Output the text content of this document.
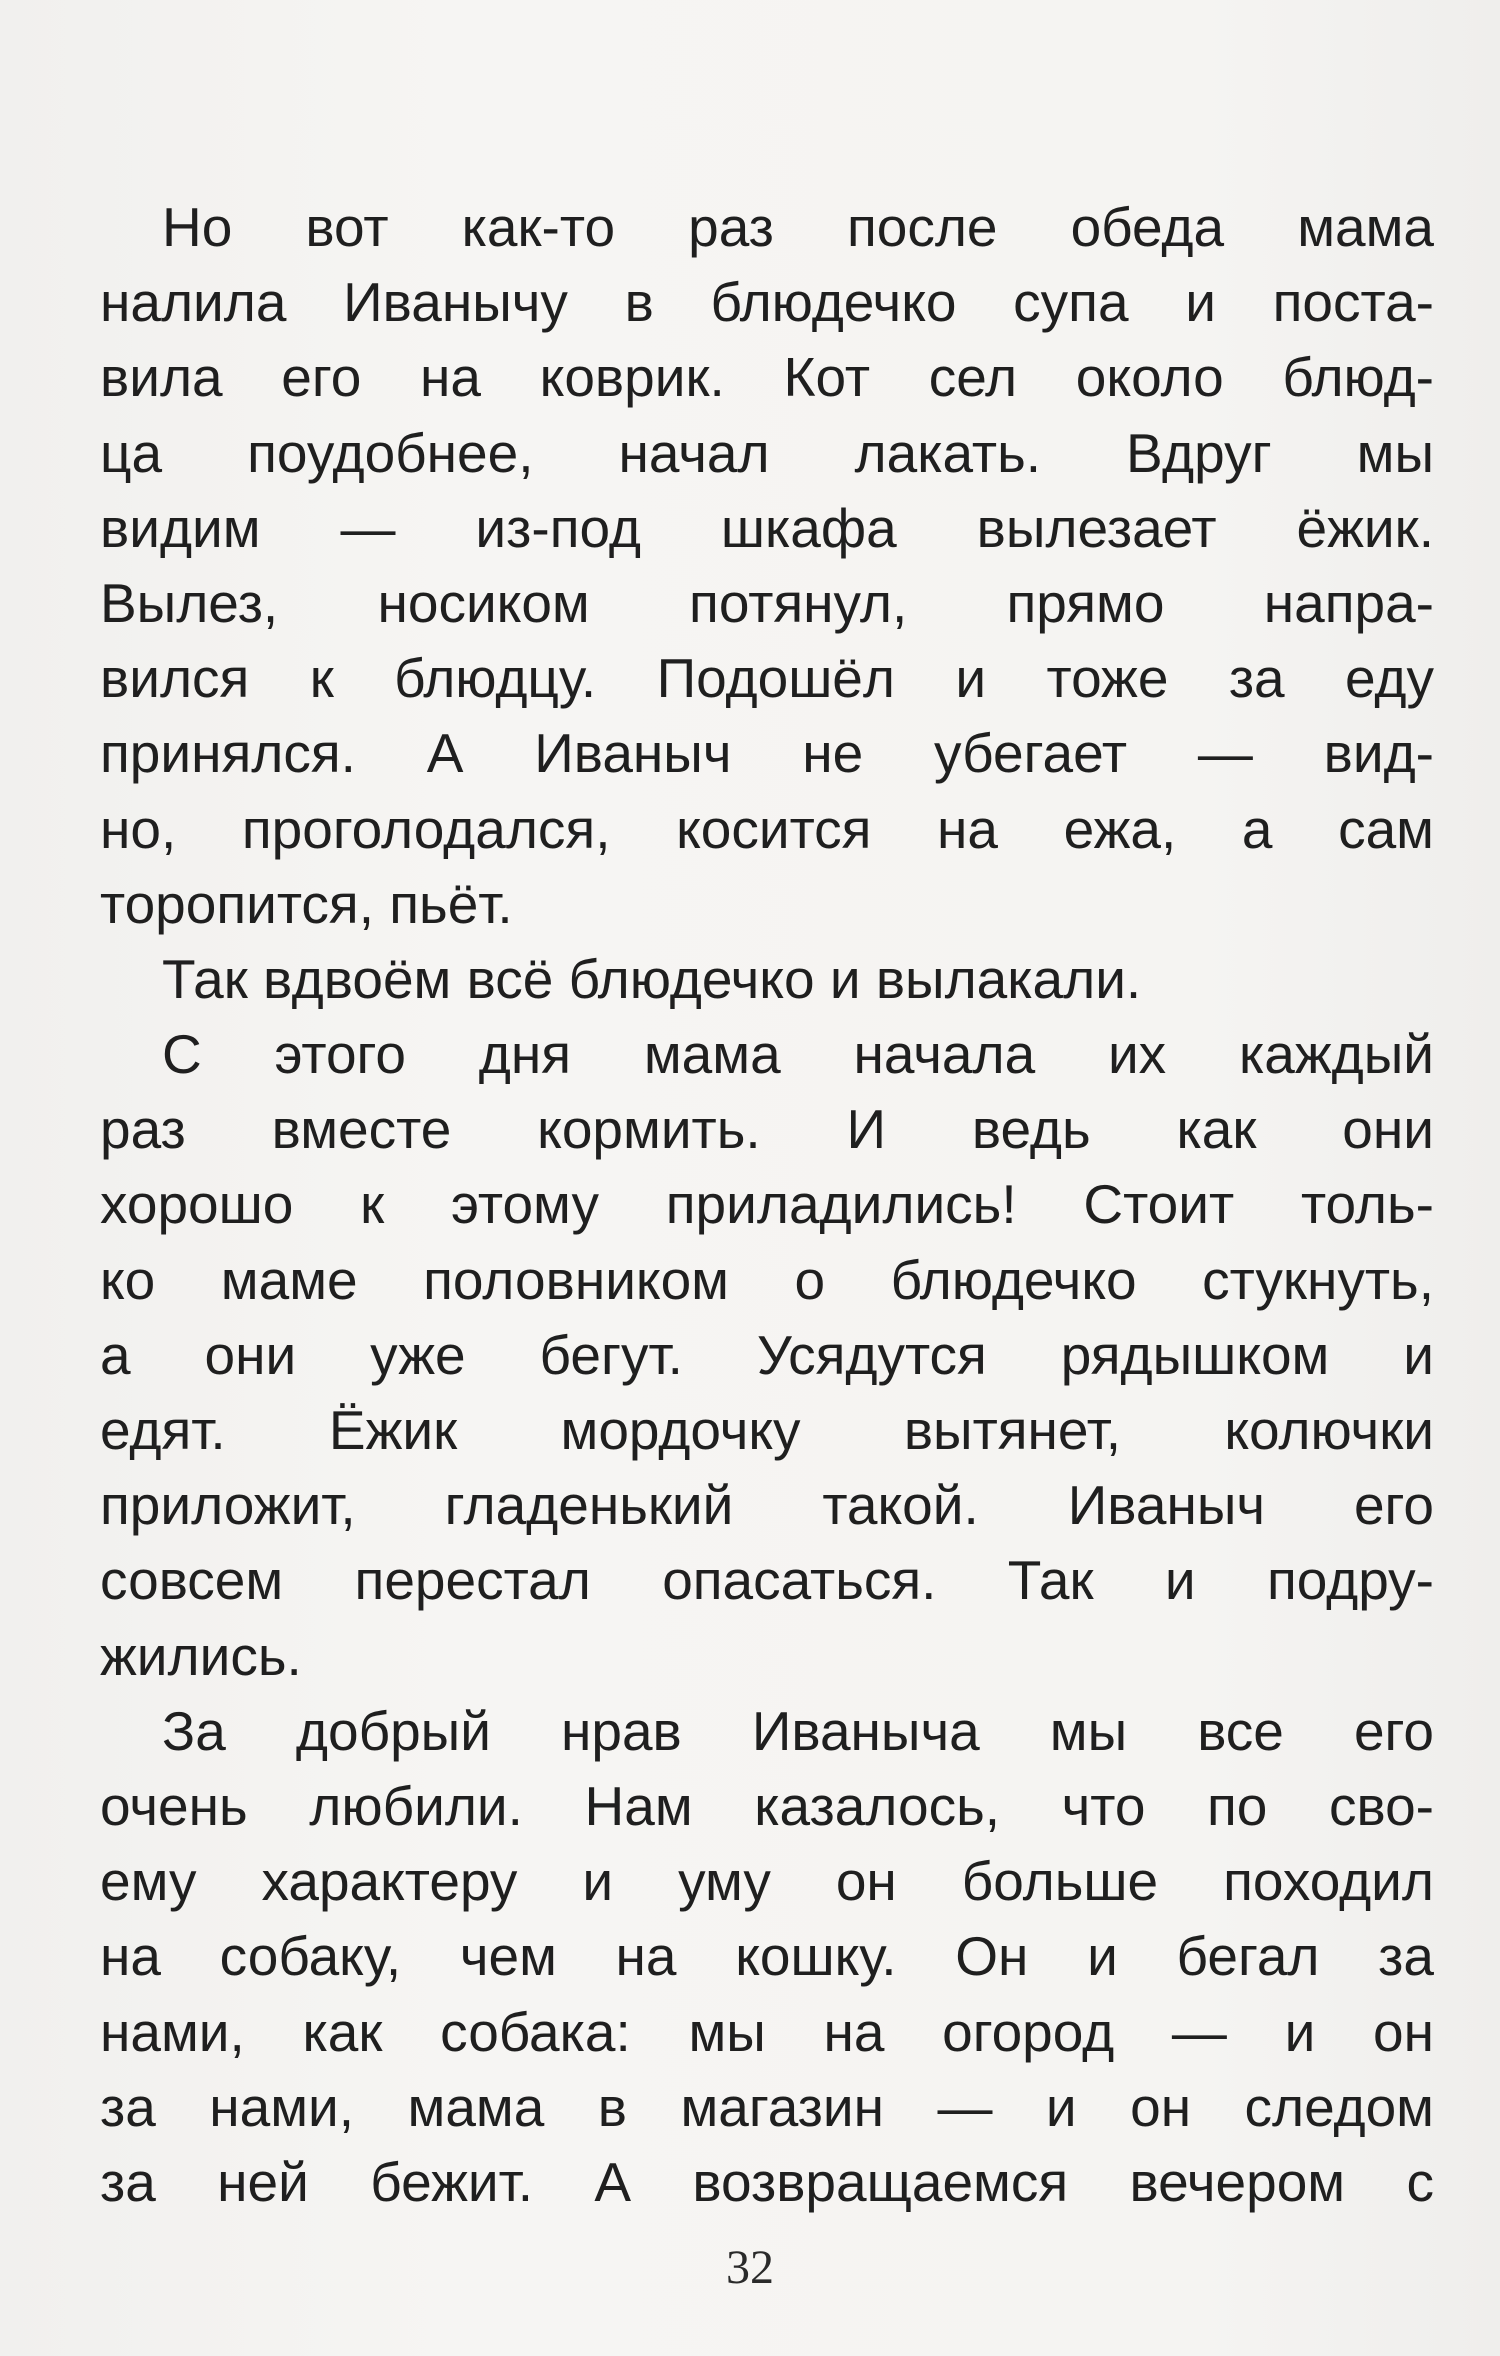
Но вот как-то раз после обеда мама
налила Иванычу в блюдечко супа и поста-
вила его на коврик. Кот сел около блюд-
ца поудобнее, начал лакать. Вдруг мы
видим — из-под шкафа вылезает ёжик.
Вылез, носиком потянул, прямо напра-
вился к блюдцу. Подошёл и тоже за еду
принялся. А Иваныч не убегает — вид-
но, проголодался, косится на ежа, а сам
торопится, пьёт.
Так вдвоём всё блюдечко и вылакали.
С этого дня мама начала их каждый
раз вместе кормить. И ведь как они
хорошо к этому приладились! Стоит толь-
ко маме половником о блюдечко стукнуть,
а они уже бегут. Усядутся рядышком и
едят. Ёжик мордочку вытянет, колючки
приложит, гладенький такой. Иваныч его
совсем перестал опасаться. Так и подру-
жились.
За добрый нрав Иваныча мы все его
очень любили. Нам казалось, что по сво-
ему характеру и уму он больше походил
на собаку, чем на кошку. Он и бегал за
нами, как собака: мы на огород — и он
за нами, мама в магазин — и он следом
за ней бежит. А возвращаемся вечером с
32
